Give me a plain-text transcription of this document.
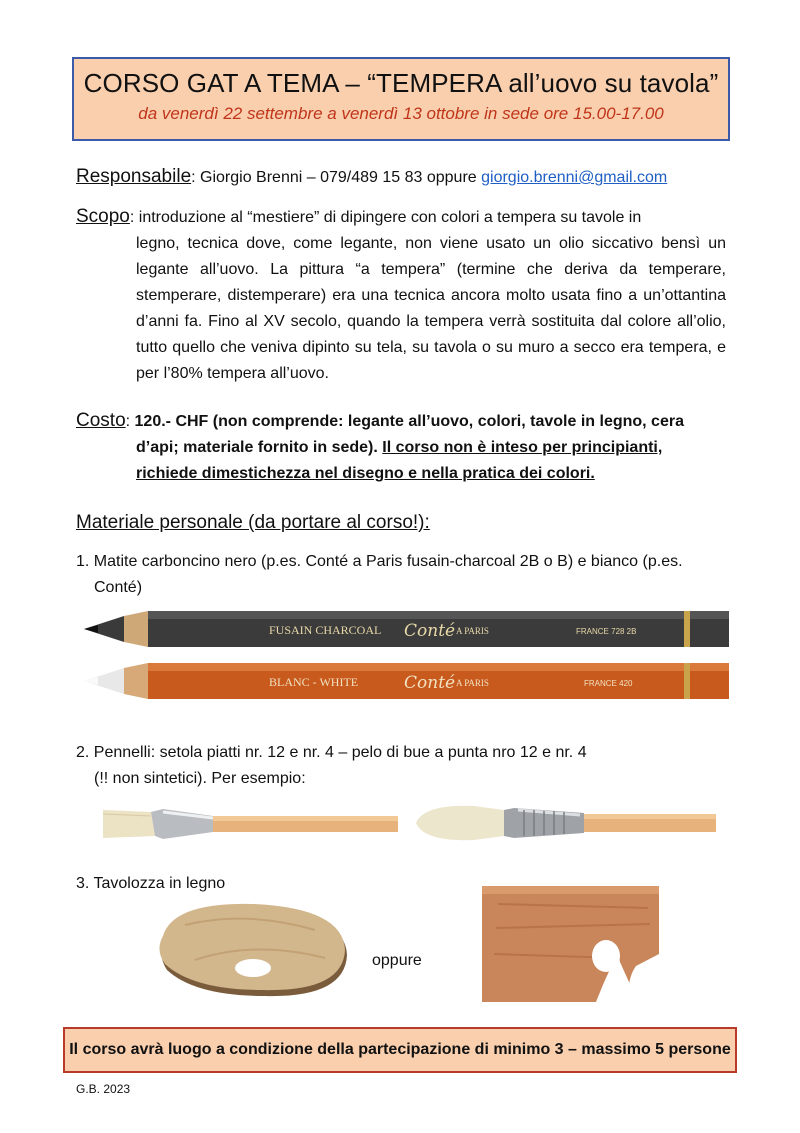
CORSO GAT A TEMA – “TEMPERA all’uovo su tavola”
da venerdì 22 settembre a venerdì 13 ottobre in sede ore 15.00-17.00
Responsabile: Giorgio Brenni – 079/489 15 83 oppure giorgio.brenni@gmail.com
Scopo: introduzione al “mestiere” di dipingere con colori a tempera su tavole in
legno, tecnica dove, come legante, non viene usato un olio siccativo bensì un legante all’uovo. La pittura “a tempera” (termine che deriva da temperare, stemperare, distemperare) era una tecnica ancora molto usata fino a un’ottantina d’anni fa. Fino al XV secolo, quando la tempera verrà sostituita dal colore all’olio, tutto quello che veniva dipinto su tela, su tavola o su muro a secco era tempera, e per l’80% tempera all’uovo.
Costo: 120.- CHF (non comprende: legante all’uovo, colori, tavole in legno, cera
d’api; materiale fornito in sede). Il corso non è inteso per principianti,
richiede dimestichezza nel disegno e nella pratica dei colori.
Materiale personale (da portare al corso!):
1. Matite carboncino nero (p.es. Conté a Paris fusain-charcoal 2B o B) e bianco (p.es.
Conté)
FUSAIN CHARCOAL Conté A PARIS	FRANCE 728 2B
BLANC - WHITE	Conté A PARIS	FRANCE 420
2. Pennelli: setola piatti nr. 12 e nr. 4 – pelo di bue a punta nro 12 e nr. 4
(!! non sintetici). Per esempio:
3. Tavolozza in legno
oppure
Il corso avrà luogo a condizione della partecipazione di minimo 3 – massimo 5 persone
G.B. 2023
